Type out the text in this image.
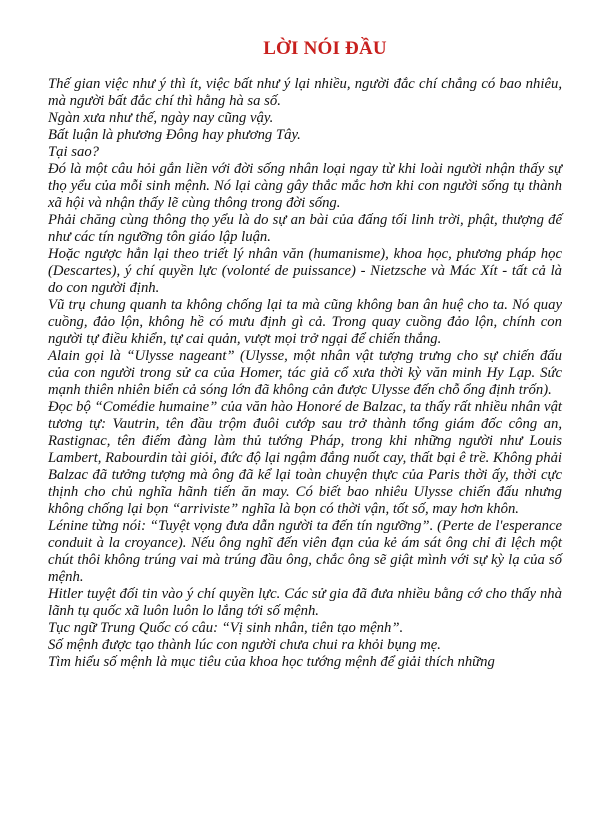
LỜI NÓI ĐẦU

Thế gian việc như ý thì ít, việc bất như ý lại nhiều, người đắc chí chẳng có bao nhiêu, mà người bất đắc chí thì hằng hà sa số.

Ngàn xưa như thế, ngày nay cũng vậy.

Bất luận là phương Đông hay phương Tây.

Tại sao?

Đó là một câu hỏi gắn liền với đời sống nhân loại ngay từ khi loài người nhận thấy sự thọ yểu của mỗi sinh mệnh. Nó lại càng gây thắc mắc hơn khi con người sống tụ thành xã hội và nhận thấy lẽ cùng thông trong đời sống.

Phải chăng cùng thông thọ yểu là do sự an bài của đấng tối linh trời, phật, thượng đế như các tín ngưỡng tôn giáo lập luận.

Hoặc ngược hẳn lại theo triết lý nhân văn (humanisme), khoa học, phương pháp học (Descartes), ý chí quyền lực (volonté de puissance) - Nietzsche và Mác Xít - tất cả là do con người định.

Vũ trụ chung quanh ta không chống lại ta mà cũng không ban ân huệ cho ta. Nó quay cuồng, đảo lộn, không hề có mưu định gì cả. Trong quay cuồng đảo lộn, chính con người tự điều khiển, tự cai quản, vượt mọi trở ngại để chiến thắng.

Alain gọi là “Ulysse nageant” (Ulysse, một nhân vật tượng trưng cho sự chiến đấu của con người trong sử ca của Homer, tác giả cổ xưa thời kỳ văn minh Hy Lạp. Sức mạnh thiên nhiên biển cả sóng lớn đã không cản được Ulysse đến chỗ ổng định trốn).

Đọc bộ “Comédie humaine” của văn hào Honoré de Balzac, ta thấy rất nhiều nhân vật tương tự: Vautrin, tên đầu trộm đuôi cướp sau trở thành tổng giám đốc công an, Rastignac, tên điếm đàng làm thủ tướng Pháp, trong khi những người như Louis Lambert, Rabourdin tài giỏi, đức độ lại ngậm đắng nuốt cay, thất bại ê trề. Không phải Balzac đã tưởng tượng mà ông đã kể lại toàn chuyện thực của Paris thời ấy, thời cực thịnh cho chủ nghĩa hãnh tiến ăn may. Có biết bao nhiêu Ulysse chiến đấu nhưng không chống lại bọn “arriviste” nghĩa là bọn có thời vận, tốt số, may hơn khôn.

Lénine từng nói: “Tuyệt vọng đưa dẫn người ta đến tín ngưỡng”. (Perte de l'esperance conduit à la croyance). Nếu ông nghĩ đến viên đạn của kẻ ám sát ông chỉ đi lệch một chút thôi không trúng vai mà trúng đầu ông, chắc ông sẽ giật mình với sự kỳ lạ của số mệnh.

Hitler tuyệt đối tin vào ý chí quyền lực. Các sử gia đã đưa nhiều bằng cớ cho thấy nhà lãnh tụ quốc xã luôn luôn lo lắng tới số mệnh.

Tục ngữ Trung Quốc có câu: “Vị sinh nhân, tiên tạo mệnh”.

Số mệnh được tạo thành lúc con người chưa chui ra khỏi bụng mẹ.

Tìm hiểu số mệnh là mục tiêu của khoa học tướng mệnh để giải thích những
